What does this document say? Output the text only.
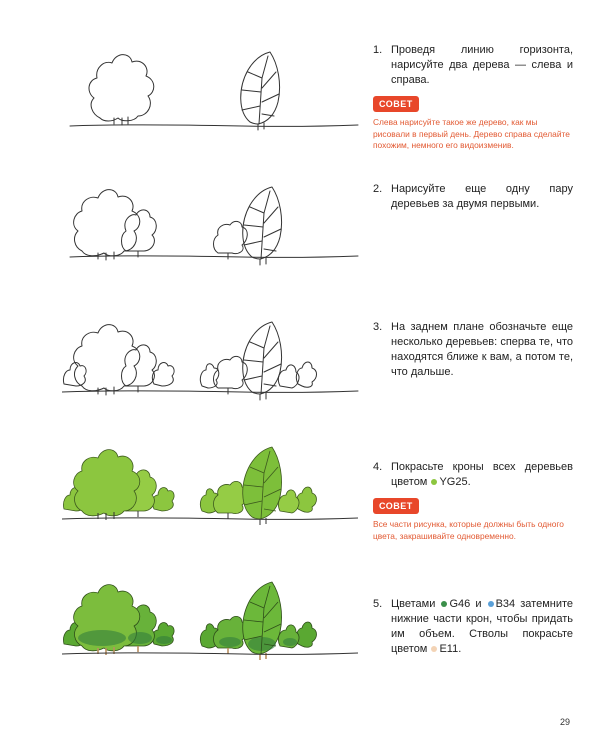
1. Проведя линию горизонта, нарисуйте два дерева — слева и справа.
СОВЕТ
Слева нарисуйте такое же дерево, как мы рисовали в первый день. Дерево справа сделайте похожим, немного его видоизменив.
2. Нарисуйте еще одну пару деревьев за двумя первыми.
3. На заднем плане обозначьте еще несколько деревьев: сперва те, что находятся ближе к вам, а потом те, что дальше.
4. Покрасьте кроны всех деревьев цветом YG25.
СОВЕТ
Все части рисунка, которые должны быть одного цвета, закрашивайте одновременно.
5. Цветами G46 и B34 затемните нижние части крон, чтобы придать им объем. Стволы покрасьте цветом E11.
29
